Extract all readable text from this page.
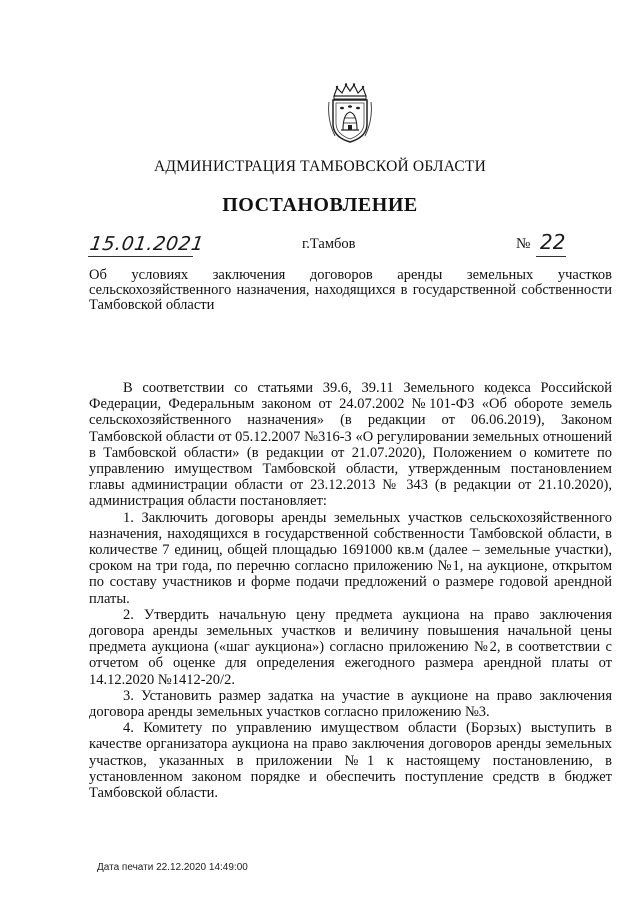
АДМИНИСТРАЦИЯ ТАМБОВСКОЙ ОБЛАСТИ
ПОСТАНОВЛЕНИЕ
15.01.2021	г.Тамбов	№ 22
Об условиях заключения договоров аренды земельных участков сельскохозяйственного назначения, находящихся в государственной собственности Тамбовской области

В соответствии со статьями 39.6, 39.11 Земельного кодекса Российской Федерации, Федеральным законом от 24.07.2002 №101-ФЗ «Об обороте земель сельскохозяйственного назначения» (в редакции от 06.06.2019), Законом Тамбовской области от 05.12.2007 №316-З «О регулировании земельных отношений в Тамбовской области» (в редакции от 21.07.2020), Положением о комитете по управлению имуществом Тамбовской области, утвержденным постановлением главы администрации области от 23.12.2013 № 343 (в редакции от 21.10.2020), администрация области постановляет:

1. Заключить договоры аренды земельных участков сельскохозяйственного назначения, находящихся в государственной собственности Тамбовской области, в количестве 7 единиц, общей площадью 1691000 кв.м (далее – земельные участки), сроком на три года, по перечню согласно приложению №1, на аукционе, открытом по составу участников и форме подачи предложений о размере годовой арендной платы.

2. Утвердить начальную цену предмета аукциона на право заключения договора аренды земельных участков и величину повышения начальной цены предмета аукциона («шаг аукциона») согласно приложению №2, в соответствии с отчетом об оценке для определения ежегодного размера арендной платы от 14.12.2020 №1412-20/2.

3. Установить размер задатка на участие в аукционе на право заключения договора аренды земельных участков согласно приложению №3.

4. Комитету по управлению имуществом области (Борзых) выступить в качестве организатора аукциона на право заключения договоров аренды земельных участков, указанных в приложении №1 к настоящему постановлению, в установленном законом порядке и обеспечить поступление средств в бюджет Тамбовской области.

Дата печати 22.12.2020 14:49:00
